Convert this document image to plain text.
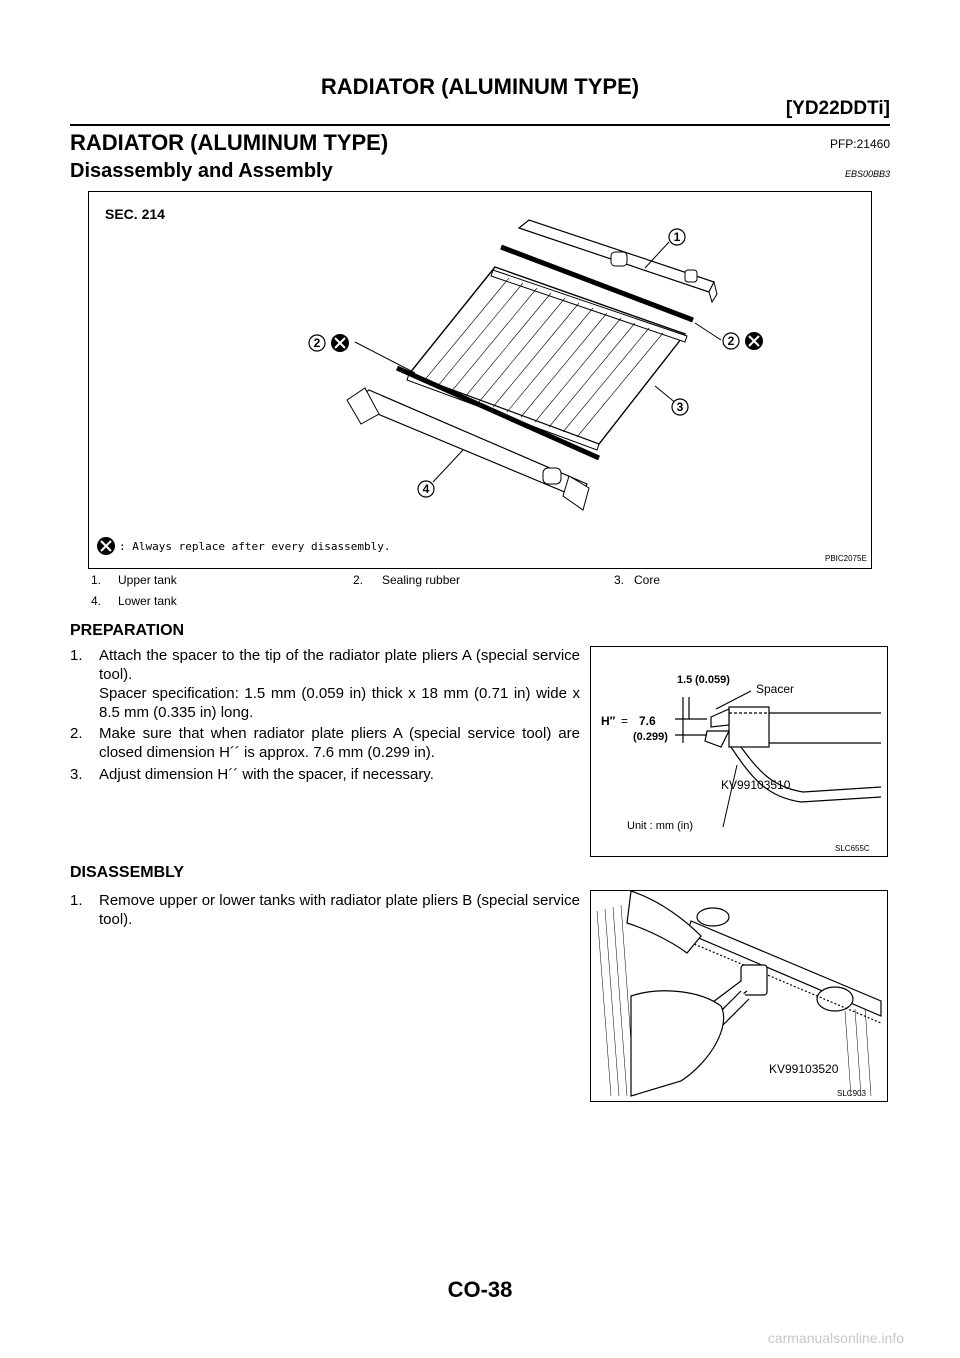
RADIATOR (ALUMINUM TYPE)
[YD22DDTi]
RADIATOR (ALUMINUM TYPE)	PFP:21460
Disassembly and Assembly	EBS00BB3
SEC. 214
1
2	2
3
4
: Always replace after every disassembly.
PBIC2075E
1. Upper tank	2. Sealing rubber	3. Core
4. Lower tank
PREPARATION
1. Attach the spacer to the tip of the radiator plate pliers A (special service tool).
Spacer specification: 1.5 mm (0.059 in) thick x 18 mm (0.71 in) wide x 8.5 mm (0.335 in) long.
2. Make sure that when radiator plate pliers A (special service tool) are closed dimension H´´ is approx. 7.6 mm (0.299 in).
3. Adjust dimension H´´ with the spacer, if necessary.
1.5 (0.059)
Spacer
H″ = 7.6
(0.299)
KV99103510
Unit : mm (in)
SLC655C
DISASSEMBLY
1. Remove upper or lower tanks with radiator plate pliers B (special service tool).
KV99103520
SLC903
CO-38
carmanualsonline.info
